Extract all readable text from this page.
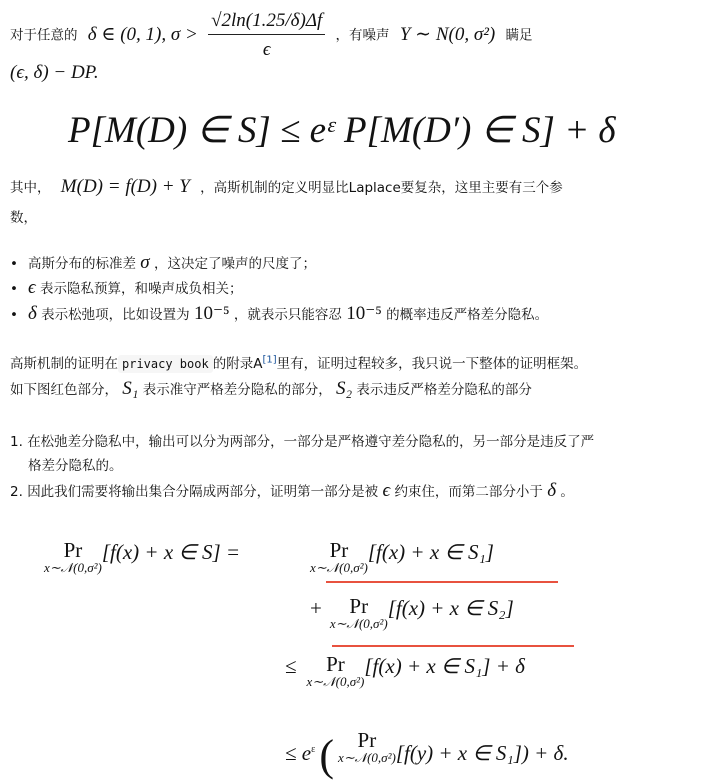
对于任意的 δ ∈ (0, 1), $\sigma > \frac{√2\ln(1.25/\delta)\Delta f}{\epsilon}$ ，有噪声 Y ∼ N(0, σ²) 瞒足
(ϵ, δ) − DP.
P[M(D) ∈ S] ≤ eᵋ P[M(D′) ∈ S] + δ
其中， M(D) = f(D) + Y ，高斯机制的定义明显比Laplace要复杂，这里主要有三个参
数，
• 高斯分布的标准差 σ ，这决定了噪声的尺度了；
• ϵ 表示隐私预算，和噪声成负相关；
• δ 表示松弛项，比如设置为 10⁻⁵ ，就表示只能容忍 10⁻⁵ 的概率违反严格差分隐私。
高斯机制的证明在 privacy book 的附录A[1]里有，证明过程较多，我只说一下整体的证明框架。
如下图红色部分， S₁ 表示准守严格差分隐私的部分， S₂ 表示违反严格差分隐私的部分
1. 在松弛差分隐私中，输出可以分为两部分，一部分是严格遵守差分隐私的，另一部分是违反了严
格差分隐私的。
2. 因此我们需要将输出集合分隔成两部分，证明第一部分是被 ϵ 约束住，而第二部分小于 δ 。
Pr
x∼𝒩(0,σ²)
[f(x) + x ∈ S] =	Pr
x∼𝒩(0,σ²)
[f(x) + x ∈ S₁]
+ Pr
x∼𝒩(0,σ²)
[f(x) + x ∈ S₂]
≤ Pr
x∼𝒩(0,σ²)
[f(x) + x ∈ S₁] + δ
≤ $e^\varepsilon$( Pr
x∼𝒩(0,σ²) [f(y) + x ∈ S₁]) + δ.
